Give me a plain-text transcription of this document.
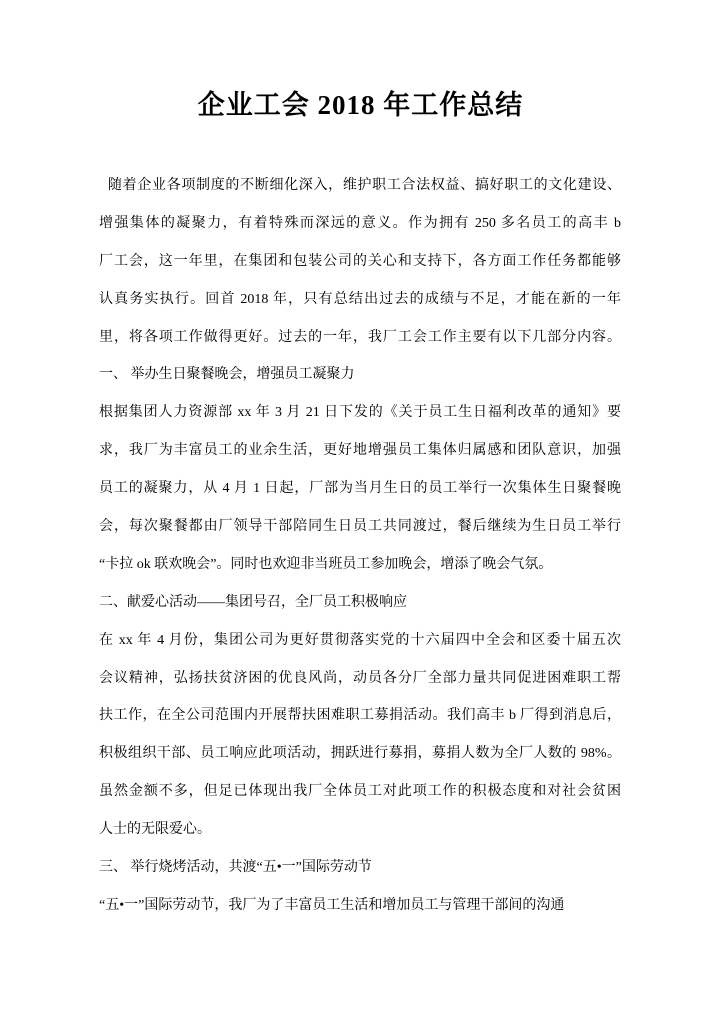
企业工会 2018 年工作总结
随着企业各项制度的不断细化深入，维护职工合法权益、搞好职工的文化建设、
增强集体的凝聚力，有着特殊而深远的意义。作为拥有 250 多名员工的高丰 b
厂工会，这一年里，在集团和包装公司的关心和支持下，各方面工作任务都能够
认真务实执行。回首 2018 年，只有总结出过去的成绩与不足，才能在新的一年
里，将各项工作做得更好。过去的一年，我厂工会工作主要有以下几部分内容。
一、 举办生日聚餐晚会，增强员工凝聚力
根据集团人力资源部 xx 年 3 月 21 日下发的《关于员工生日福利改革的通知》要
求，我厂为丰富员工的业余生活，更好地增强员工集体归属感和团队意识，加强
员工的凝聚力，从 4 月 1 日起，厂部为当月生日的员工举行一次集体生日聚餐晚
会，每次聚餐都由厂领导干部陪同生日员工共同渡过，餐后继续为生日员工举行
“卡拉 ok 联欢晚会”。同时也欢迎非当班员工参加晚会，增添了晚会气氛。
二、献爱心活动——集团号召，全厂员工积极响应
在 xx 年 4 月份，集团公司为更好贯彻落实党的十六届四中全会和区委十届五次
会议精神，弘扬扶贫济困的优良风尚，动员各分厂全部力量共同促进困难职工帮
扶工作，在全公司范围内开展帮扶困难职工募捐活动。我们高丰 b 厂得到消息后，
积极组织干部、员工响应此项活动，拥跃进行募捐，募捐人数为全厂人数的 98%。
虽然金额不多，但足已体现出我厂全体员工对此项工作的积极态度和对社会贫困
人士的无限爱心。
三、 举行烧烤活动，共渡“五•一”国际劳动节
“五•一”国际劳动节，我厂为了丰富员工生活和增加员工与管理干部间的沟通
